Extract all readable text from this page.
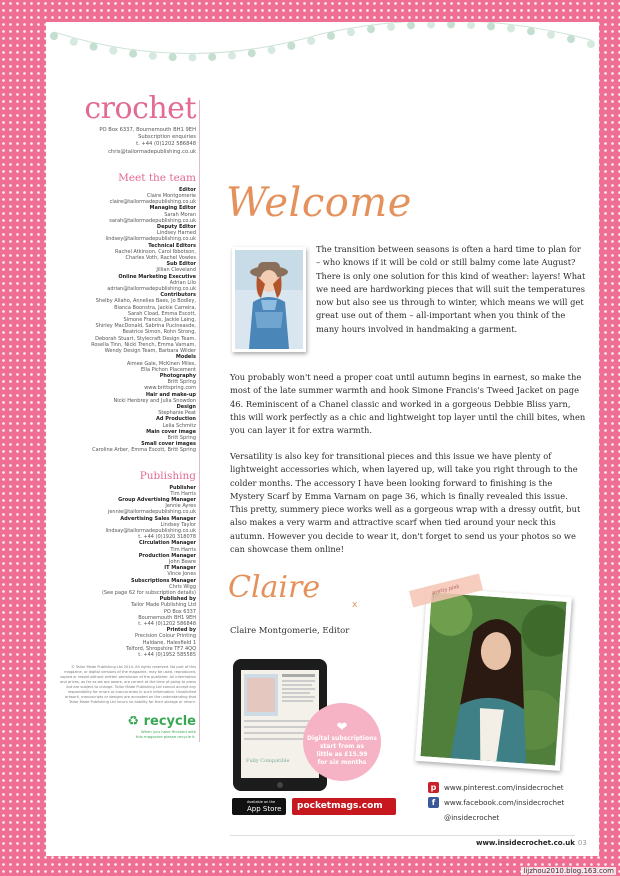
crochet
PO Box 6337, Bournemouth BH1 9EH
Subscription enquiries
t. +44 (0)1202 586848
chris@tailormadepublishing.co.uk
Meet the team
Editor
Claire Montgomerie
claire@tailormadepublishing.co.uk
Managing Editor
Sarah Moran
sarah@tailormadepublishing.co.uk
Deputy Editor
Lindsey Harned
lindsey@tailormadepublishing.co.uk
Technical Editors
Rachel Atkinson, Carol Ibbotson,
Charles Voth, Rachel Vowles
Sub Editor
Jillian Cleveland
Online Marketing Executive
Adrian Lilo
adrian@tailormadepublishing.co.uk
Contributors
Shelby Allaho, Annelies Baes, Jo Bodley,
Bianca Boonstra, Jackie Carreira,
Sarah Cload, Emma Escott,
Simone Francis, Jackie Laing,
Shirley MacDonald, Sabrina Pucineasde,
Beatrice Simon, Rohn Strong,
Deborah Stuart, Stylecraft Design Team,
Rosella Tinn, Nicki Trench, Emma Varnam,
Wendy Design Team, Barbara Wilder
Models
Aimee Gale, McKinen Miles,
Ella Pichon Placement
Photography
Britt Spring
www.brittspring.com
Hair and make-up
Nicki Henbrey and Julia Snowdon
Design
Stephanie Peat
Ad Production
Lelia Schmitz
Main cover image
Britt Spring
Small cover images
Caroline Arber, Emma Escott, Britt Spring
Publishing
Publisher
Tim Harris
Group Advertising Manager
Jennie Ayres
jennie@tailormadepublishing.co.uk
Advertising Sales Manager
Lindsey Taylor
lindsay@tailormadepublishing.co.uk
t. +44 (0)1920 318078
Circulation Manager
Tim Harris
Production Manager
John Beare
IT Manager
Vince Jones
Subscriptions Manager
Chris Wigg
(See page 62 for subscription details)
Published by
Tailor Made Publishing Ltd
PO Box 6337
Bournemouth BH1 9EH
t. +44 (0)1202 586848
Printed by
Precision Colour Printing
Haldane, Halesfield 1
Telford, Shropshire TF7 4QQ
t. +44 (0)1952 585585
© Tailor Made Publishing Ltd 2014. All rights reserved. No part of this magazine, or digital versions of the magazine, may be used, reproduced, copied or resold without written permission of the publisher. All information and prices, as far as we are aware, are correct at the time of going to press but are subject to change. Tailor Made Publishing Ltd cannot accept any responsibility for errors or inaccuracies in such information. Unsolicited artwork, manuscripts or designs are accepted on the understanding that Tailor Made Publishing Ltd incurs no liability for their storage or return.
♻ recycle
When you have finished with
this magazine please recycle it.
Welcome

The transition between seasons is often a hard time to plan for – who knows if it will be cold or still balmy come late August? There is only one solution for this kind of weather: layers! What we need are hardworking pieces that will suit the temperatures now but also see us through to winter, which means we will get great use out of them – all-important when you think of the many hours involved in handmaking a garment.

You probably won't need a proper coat until autumn begins in earnest, so make the most of the late summer warmth and hook Simone Francis's Tweed Jacket on page 46. Reminiscent of a Chanel classic and worked in a gorgeous Debbie Bliss yarn, this will work perfectly as a chic and lightweight top layer until the chill bites, when you can layer it for extra warmth.

Versatility is also key for transitional pieces and this issue we have plenty of lightweight accessories which, when layered up, will take you right through to the colder months. The accessory I have been looking forward to finishing is the Mystery Scarf by Emma Varnam on page 36, which is finally revealed this issue. This pretty, summery piece works well as a gorgeous wrap with a dressy outfit, but also makes a very warm and attractive scarf when tied around your neck this autumn. However you decide to wear it, don't forget to send us your photos so we can showcase them online!

Claire	x
Claire Montgomerie, Editor
Fully Compatible
❤
Digital subscriptions
start from as
little as £15.99
for six months
Available on the
App Store	pocketmags.com
pretty pink
p	www.pinterest.com/insidecrochet
f	www.facebook.com/insidecrochet
@insidecrochet
www.insidecrochet.co.uk 03
lijzhou2010.blog.163.com
